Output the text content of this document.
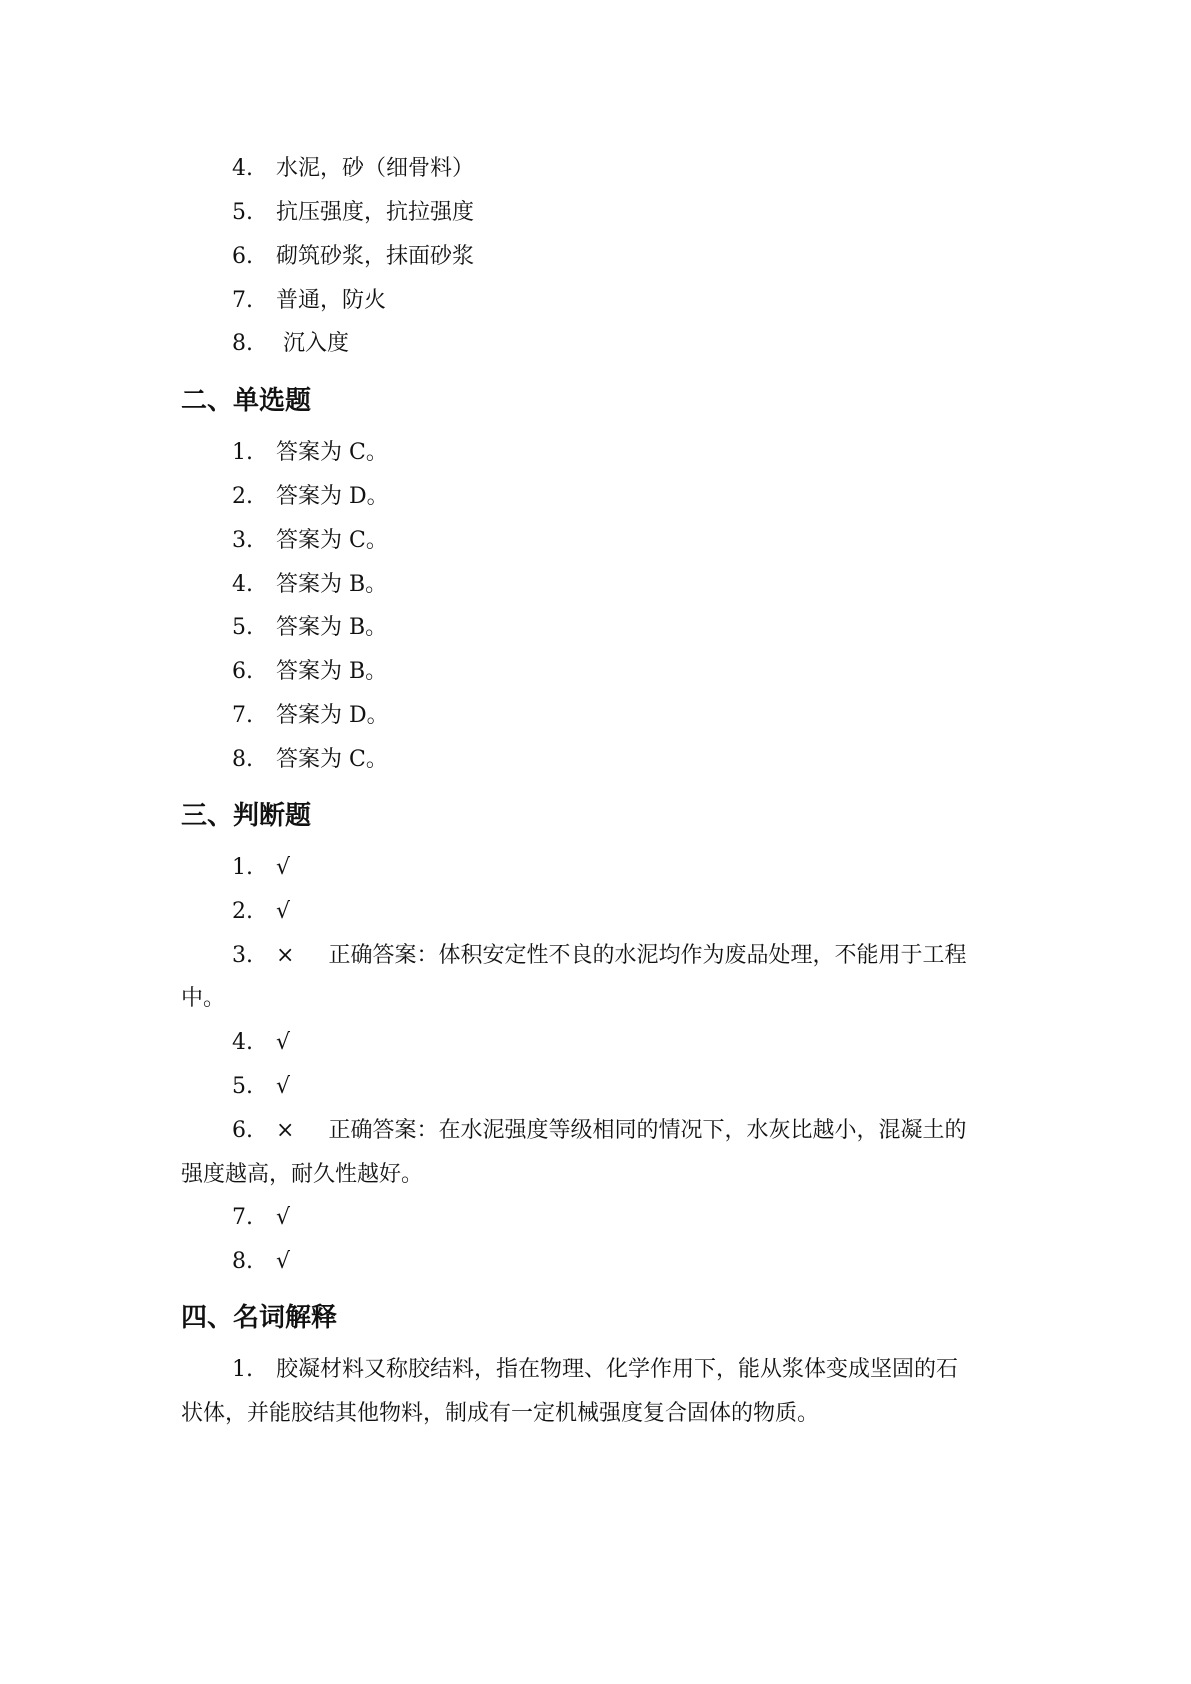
4. 水泥，砂（细骨料）
5. 抗压强度，抗拉强度
6. 砌筑砂浆，抹面砂浆
7. 普通，防火
8. 沉入度
二、单选题
1. 答案为 C。
2. 答案为 D。
3. 答案为 C。
4. 答案为 B。
5. 答案为 B。
6. 答案为 B。
7. 答案为 D。
8. 答案为 C。
三、判断题
1. √
2. √
3. × 正确答案：体积安定性不良的水泥均作为废品处理，不能用于工程
中。
4. √
5. √
6. × 正确答案：在水泥强度等级相同的情况下，水灰比越小，混凝土的
强度越高，耐久性越好。
7. √
8. √
四、名词解释
1. 胶凝材料又称胶结料，指在物理、化学作用下，能从浆体变成坚固的石
状体，并能胶结其他物料，制成有一定机械强度复合固体的物质。
